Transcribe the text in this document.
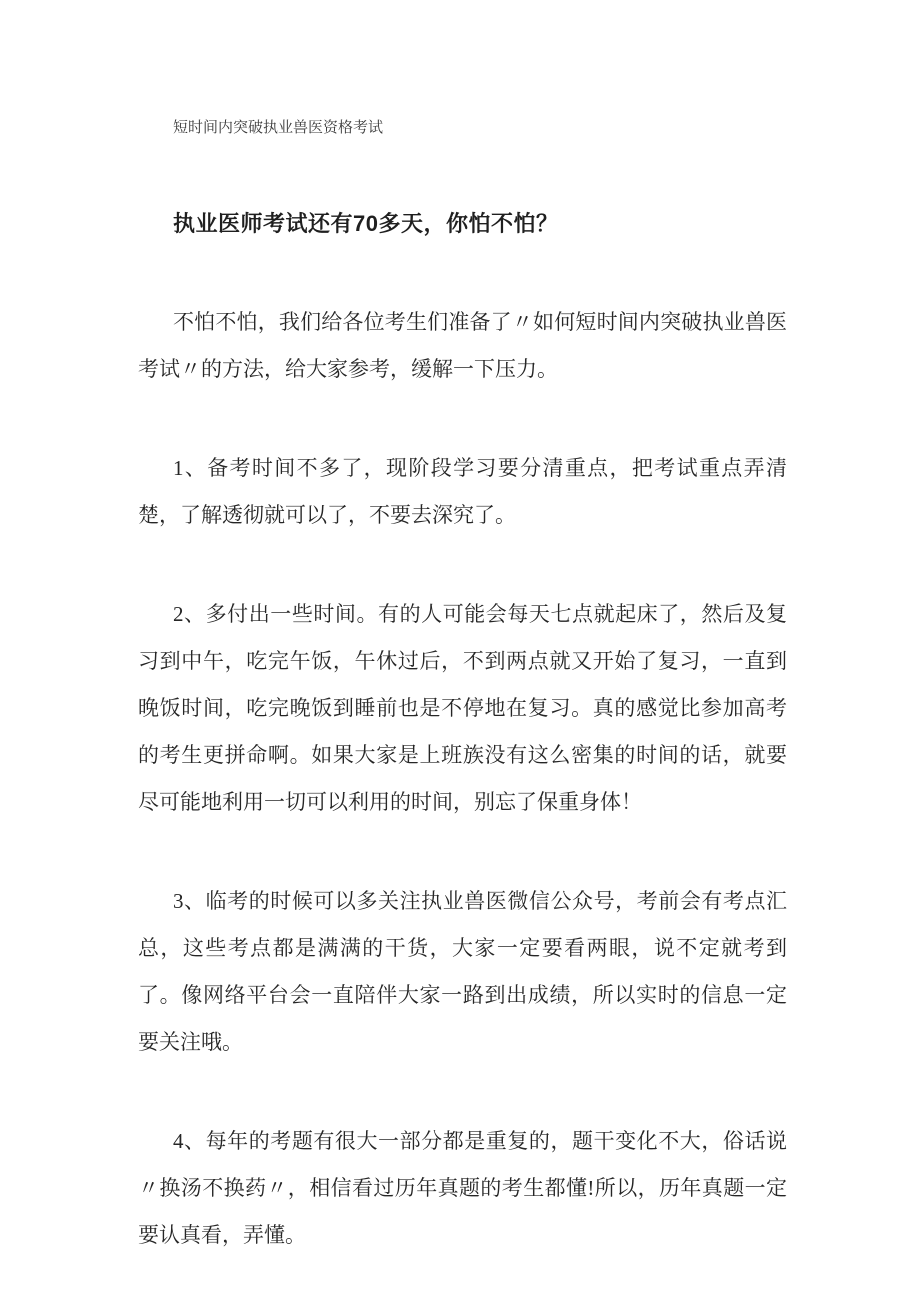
短时间内突破执业兽医资格考试

执业医师考试还有70多天，你怕不怕？

不怕不怕，我们给各位考生们准备了〃如何短时间内突破执业兽医考试〃的方法，给大家参考，缓解一下压力。

1、备考时间不多了，现阶段学习要分清重点，把考试重点弄清楚，了解透彻就可以了，不要去深究了。

2、多付出一些时间。有的人可能会每天七点就起床了，然后及复习到中午，吃完午饭，午休过后，不到两点就又开始了复习，一直到晚饭时间，吃完晚饭到睡前也是不停地在复习。真的感觉比参加高考的考生更拼命啊。如果大家是上班族没有这么密集的时间的话，就要尽可能地利用一切可以利用的时间，别忘了保重身体！

3、临考的时候可以多关注执业兽医微信公众号，考前会有考点汇总，这些考点都是满满的干货，大家一定要看两眼，说不定就考到了。像网络平台会一直陪伴大家一路到出成绩，所以实时的信息一定要关注哦。

4、每年的考题有很大一部分都是重复的，题干变化不大，俗话说〃换汤不换药〃，相信看过历年真题的考生都懂!所以，历年真题一定要认真看，弄懂。
